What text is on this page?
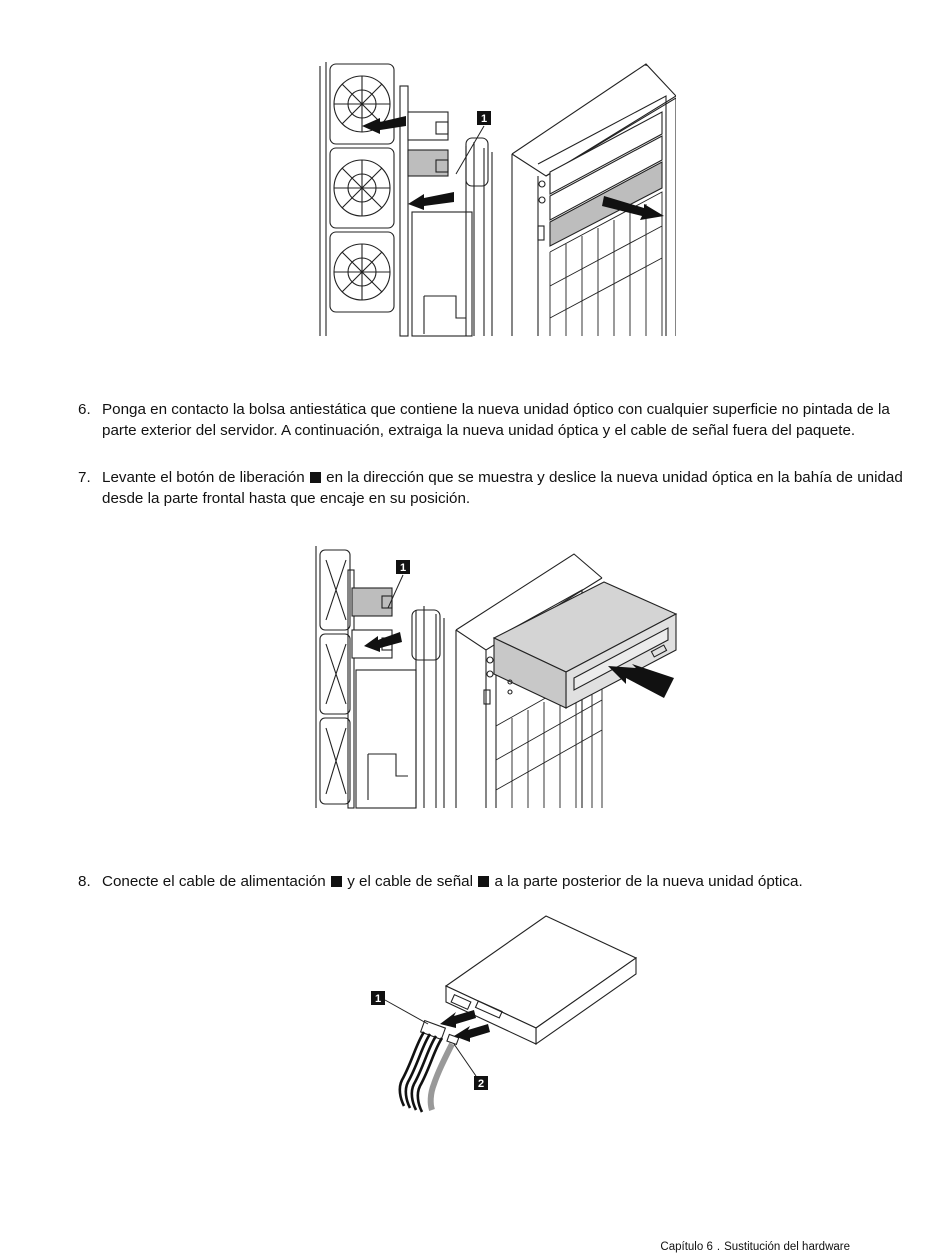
1
6. Ponga en contacto la bolsa antiestática que contiene la nueva unidad óptico con cualquier superficie no pintada de la parte exterior del servidor. A continuación, extraiga la nueva unidad óptica y el cable de señal fuera del paquete.
7. Levante el botón de liberación en la dirección que se muestra y deslice la nueva unidad óptica en la bahía de unidad desde la parte frontal hasta que encaje en su posición.
1
8. Conecte el cable de alimentación y el cable de señal a la parte posterior de la nueva unidad óptica.
1
2
Capítulo 6 . Sustitución del hardware
